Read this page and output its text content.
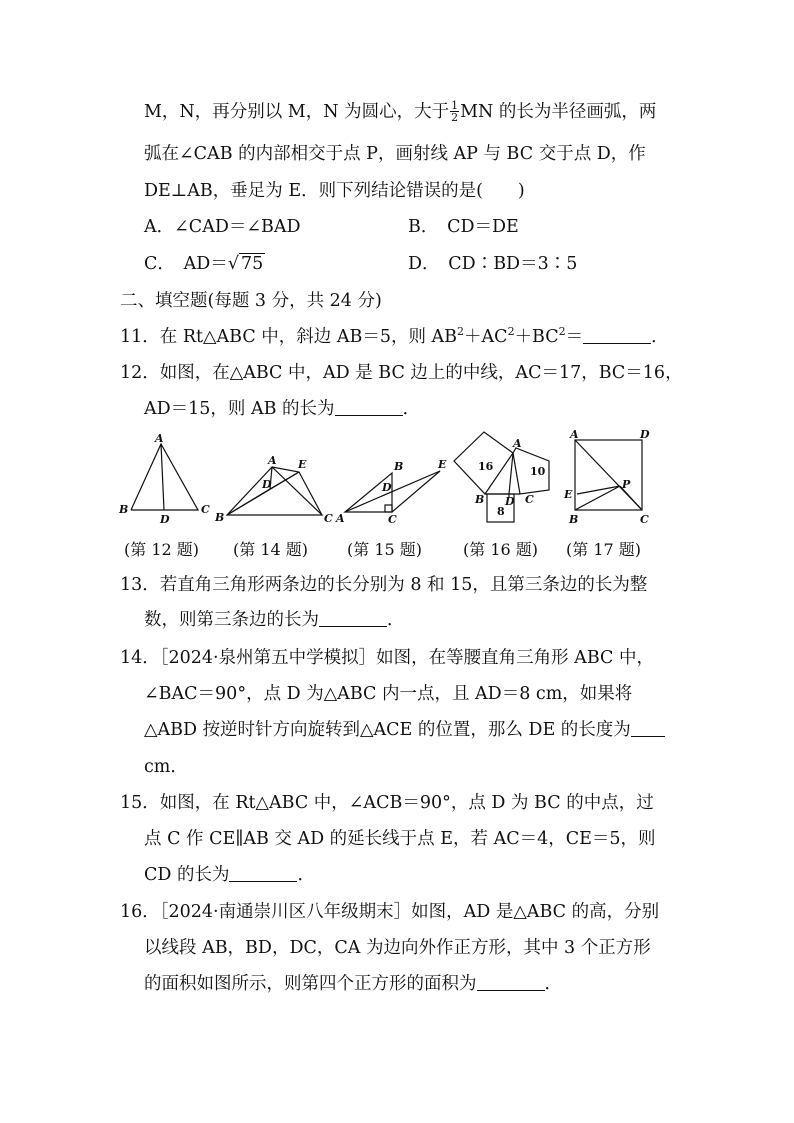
M，N，再分别以 M，N 为圆心，大于 $\frac{1}{2}$ MN 的长为半径画弧，两
弧在∠CAB 的内部相交于点 P，画射线 AP 与 BC 交于点 D，作
DE⊥AB，垂足为 E．则下列结论错误的是(　　)
A．∠CAD＝∠BAD	B．　CD＝DE
C．　AD＝√ 75	D．　CD∶BD＝3∶5
二、填空题(每题 3 分，共 24 分)
11．在 Rt△ABC 中，斜边 AB＝5，则 $AB^2+AC^2+BC^2=$	．
12．如图，在△ABC 中，AD 是 BC 边上的中线，AC＝17，BC＝16，
AD＝15，则 AB 的长为	．
A
B
D
C
A E
D
B	C
B	E
D
A	C
16
A
10
B D C
8
A	D
E
P
B	C
(第 12 题) (第 14 题) (第 15 题)	(第 16 题) (第 17 题)
13．若直角三角形两条边的长分别为 8 和 15，且第三条边的长为整
数，则第三条边的长为	．
14．［2024·泉州第五中学模拟］如图，在等腰直角三角形 ABC 中，
∠BAC＝90°，点 D 为△ABC 内一点，且 AD＝8 cm，如果将
△ABD 按逆时针方向旋转到△ACE 的位置，那么 DE 的长度为
cm．
15．如图，在 Rt△ABC 中，∠ACB＝90°，点 D 为 BC 的中点，过
点 C 作 CE∥AB 交 AD 的延长线于点 E，若 AC＝4，CE＝5，则
CD 的长为	．
16．［2024·南通崇川区八年级期末］如图，AD 是△ABC 的高，分别
以线段 AB，BD，DC，CA 为边向外作正方形，其中 3 个正方形
的面积如图所示，则第四个正方形的面积为	．
